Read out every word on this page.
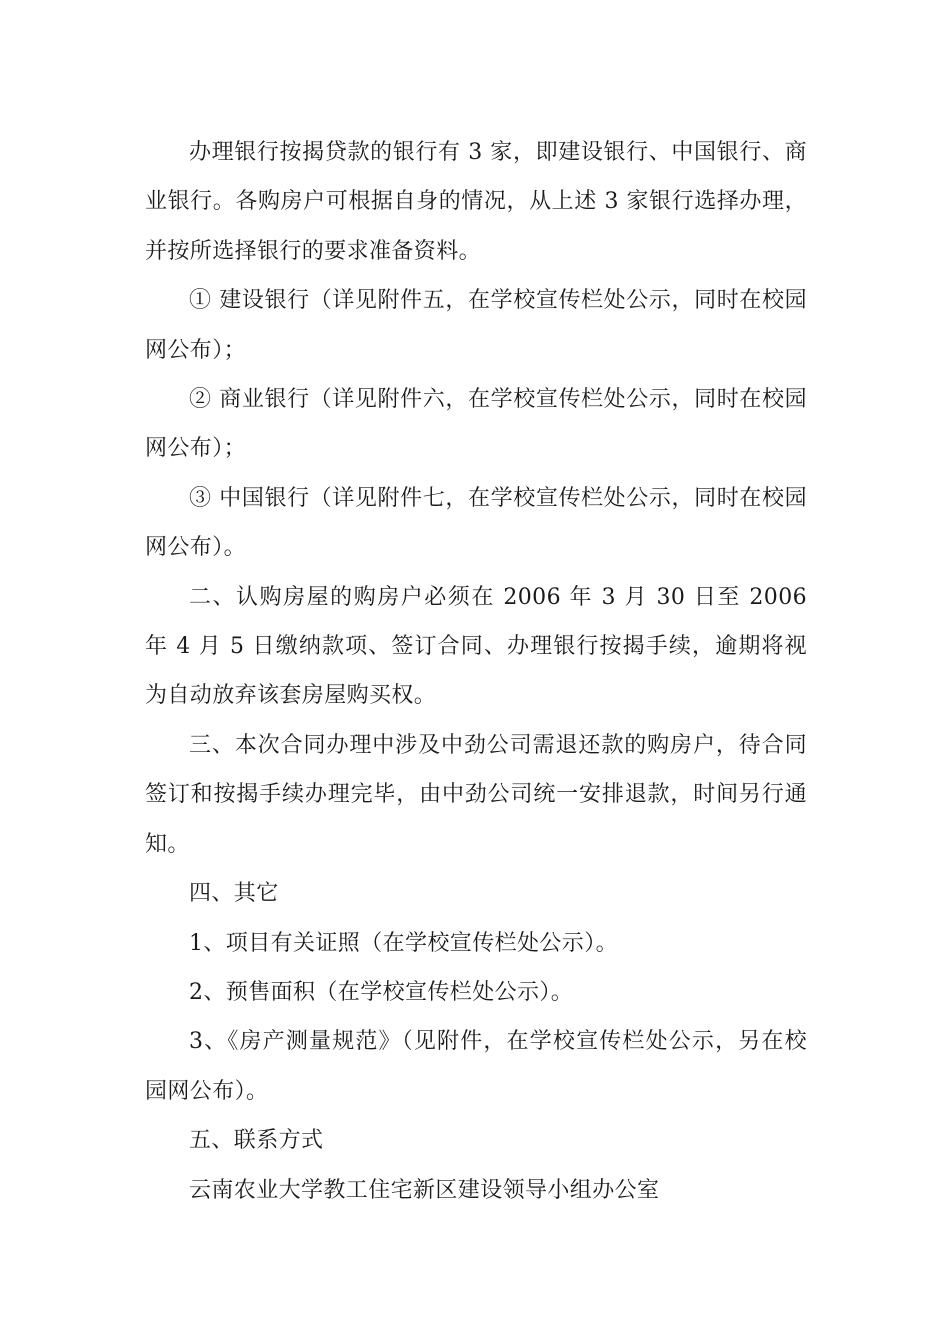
办理银行按揭贷款的银行有 3 家，即建设银行、中国银行、商业银行。各购房户可根据自身的情况，从上述 3 家银行选择办理，并按所选择银行的要求准备资料。

① 建设银行（详见附件五，在学校宣传栏处公示，同时在校园网公布）；

② 商业银行（详见附件六，在学校宣传栏处公示，同时在校园网公布）；

③ 中国银行（详见附件七，在学校宣传栏处公示，同时在校园网公布）。

二、认购房屋的购房户必须在 2006 年 3 月 30 日至 2006 年 4 月 5 日缴纳款项、签订合同、办理银行按揭手续，逾期将视为自动放弃该套房屋购买权。

三、本次合同办理中涉及中劲公司需退还款的购房户，待合同签订和按揭手续办理完毕，由中劲公司统一安排退款，时间另行通知。

四、其它

1、项目有关证照（在学校宣传栏处公示）。

2、预售面积（在学校宣传栏处公示）。

3、《房产测量规范》（见附件，在学校宣传栏处公示，另在校园网公布）。

五、联系方式

云南农业大学教工住宅新区建设领导小组办公室
